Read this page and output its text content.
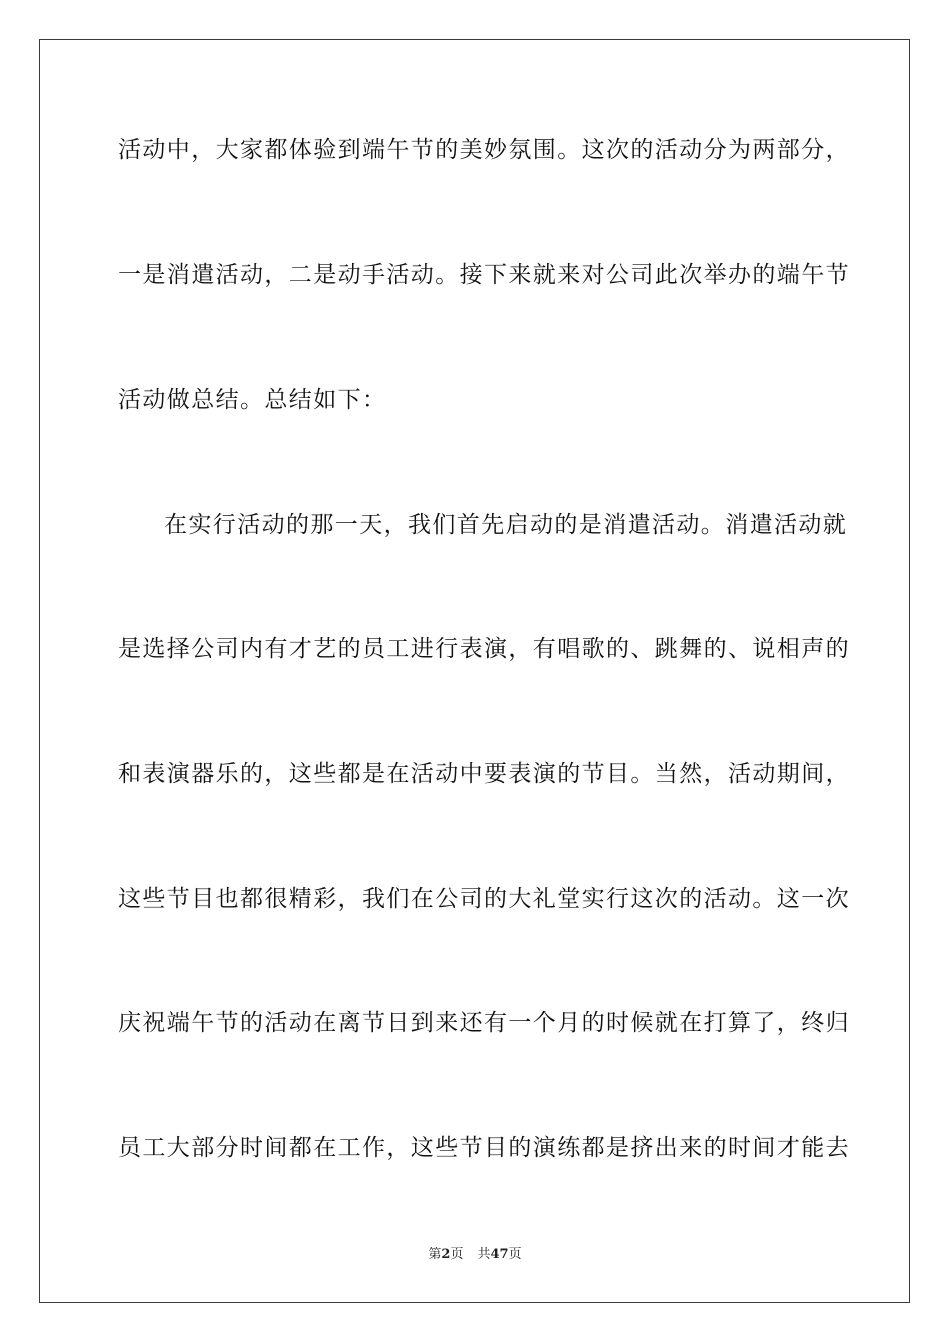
活动中，大家都体验到端午节的美妙氛围。这次的活动分为两部分，
一是消遣活动，二是动手活动。接下来就来对公司此次举办的端午节
活动做总结。总结如下：
在实行活动的那一天，我们首先启动的是消遣活动。消遣活动就
是选择公司内有才艺的员工进行表演，有唱歌的、跳舞的、说相声的
和表演器乐的，这些都是在活动中要表演的节目。当然，活动期间，
这些节目也都很精彩，我们在公司的大礼堂实行这次的活动。这一次
庆祝端午节的活动在离节日到来还有一个月的时候就在打算了，终归
员工大部分时间都在工作，这些节目的演练都是挤出来的时间才能去
第2页 共47页
